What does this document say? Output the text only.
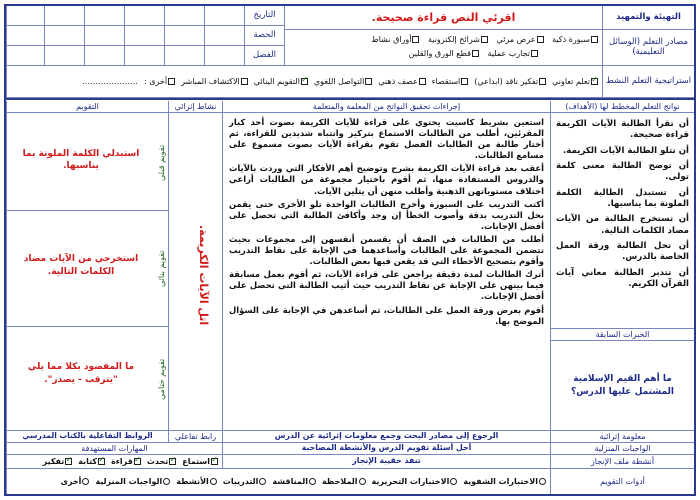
التهيئة والتمهيد
مصادر التعلم (الوسائل التعليمية)
استراتيجية التعلم النشط
اقرئي النص قراءة صحيحة.
سبورة ذكية عرض مرئي شرائح إلكترونية أوراق نشاط
تجارب عملية قطع الورق والقلين
التاريخ
الحصة
الفصل
✓تعلم تعاوني
تفكير ناقد (ابداعي)
استقصاء
عصف ذهني
التواصل اللغوي
✓التقويم البنائي
الاكتشاف المباشر
أخرى :
…………………
نواتج التعلم المخطط لها (الأهداف)
إجراءات تحقيق النواتج من المعلمة والمتعلمة
نشاط إثرائي
التقويم
أن تقرأ الطالبة الآيات الكريمة قراءة صحيحة.
أن تتلو الطالبة الآيات الكريمة.
أن توضح الطالبة معنى كلمة تولى.
أن تستبدل الطالبة الكلمة الملونة بما يناسبها.
أن تستخرج الطالبة من الآيات مضاد الكلمات التالية.
أن تحل الطالبة ورقة العمل الخاصة بالدرس.
أن تتدبر الطالبة معاني آيات القرآن الكريم.
الخبرات السابقة
ما أهم القيم الإسلامية المشتمل عليها الدرس؟
استعين بشريط كاسيت يحتوي على قراءة للآيات الكريمة بصوت أحد كبار المقرئين، أطلب من الطالبات الاستماع بتركيز وانتباه شديدين للقراءة، ثم أختار طالبة من الطالبات الفصل تقوم بقراءة الآيات بصوت مسموع على مسامع الطالبات.
أعقب بعد قراءة الآيات الكريمة بشرح وتوضيح أهم الأفكار التي وردت بالآيات والدروس المستفادة منها، ثم أقوم باختيار مجموعة من الطالبات أراعي اختلاف مستوياتهن الذهنية وأطلب منهن أن يتلين الآيات.
أكتب التدريب على السبورة وأخرج الطالبات الواحدة تلو الأخرى حتى يقمن بحل التدريب بدقة وأصوب الخطأ إن وجد وأكافئ الطالبة التي تحصل على أفضل الإجابات.
أطلب من الطالبات في الصف أن يقسمن أنفسهن إلى مجموعات بحيث تتضمن المجموعة على الطالبات وأساعدهما في الإجابة على نقاط التدريب وأقوم بتصحيح الأخطاء التي قد يقعن فيها بعض الطالبات.
أترك الطالبات لمدة دقيقة يراجعن على قراءة الآيات، ثم أقوم بعمل مسابقة فيما بينهن على الإجابة عن نقاط التدريب حيث أثيب الطالبة التي تحصل على أفضل الإجابات.
أقوم بعرض ورقة العمل على الطالبات، ثم أساعدهن في الإجابة على السؤال الموضح بها.
اتل الآيات الكريمة.
تقويم قبلي
استبدلي الكلمة الملونة بما يناسبها.
تقويم بنائي
استخرجي من الآيات مضاد الكلمات التالية.
تقويم ختامي
ما المقصود بكلا مما يلي "يترقب - يصدر".
معلومة إثرائية
الرجوع إلى مصادر البحث وجمع معلومات إثرائية عن الدرس
رابط تفاعلي
الروابط التفاعلية بالكتاب المدرسي
الواجبات المنزلية
أحل أسئلة تقويم الدرس والأنشطة المصاحبة
المهارات المستهدفة
أنشطة ملف الإنجاز
تنفذ حقيبة الإنجاز
✓استماع
✓تحدث
✓قراءة
✓كتابة
✓تفكير
أدوات التقويم
الاختبارات الشفوية
الاختبارات التحريرية
الملاحظة
المناقشة
التدريبات
الأنشطة
الواجبات المنزلية
أخرى
